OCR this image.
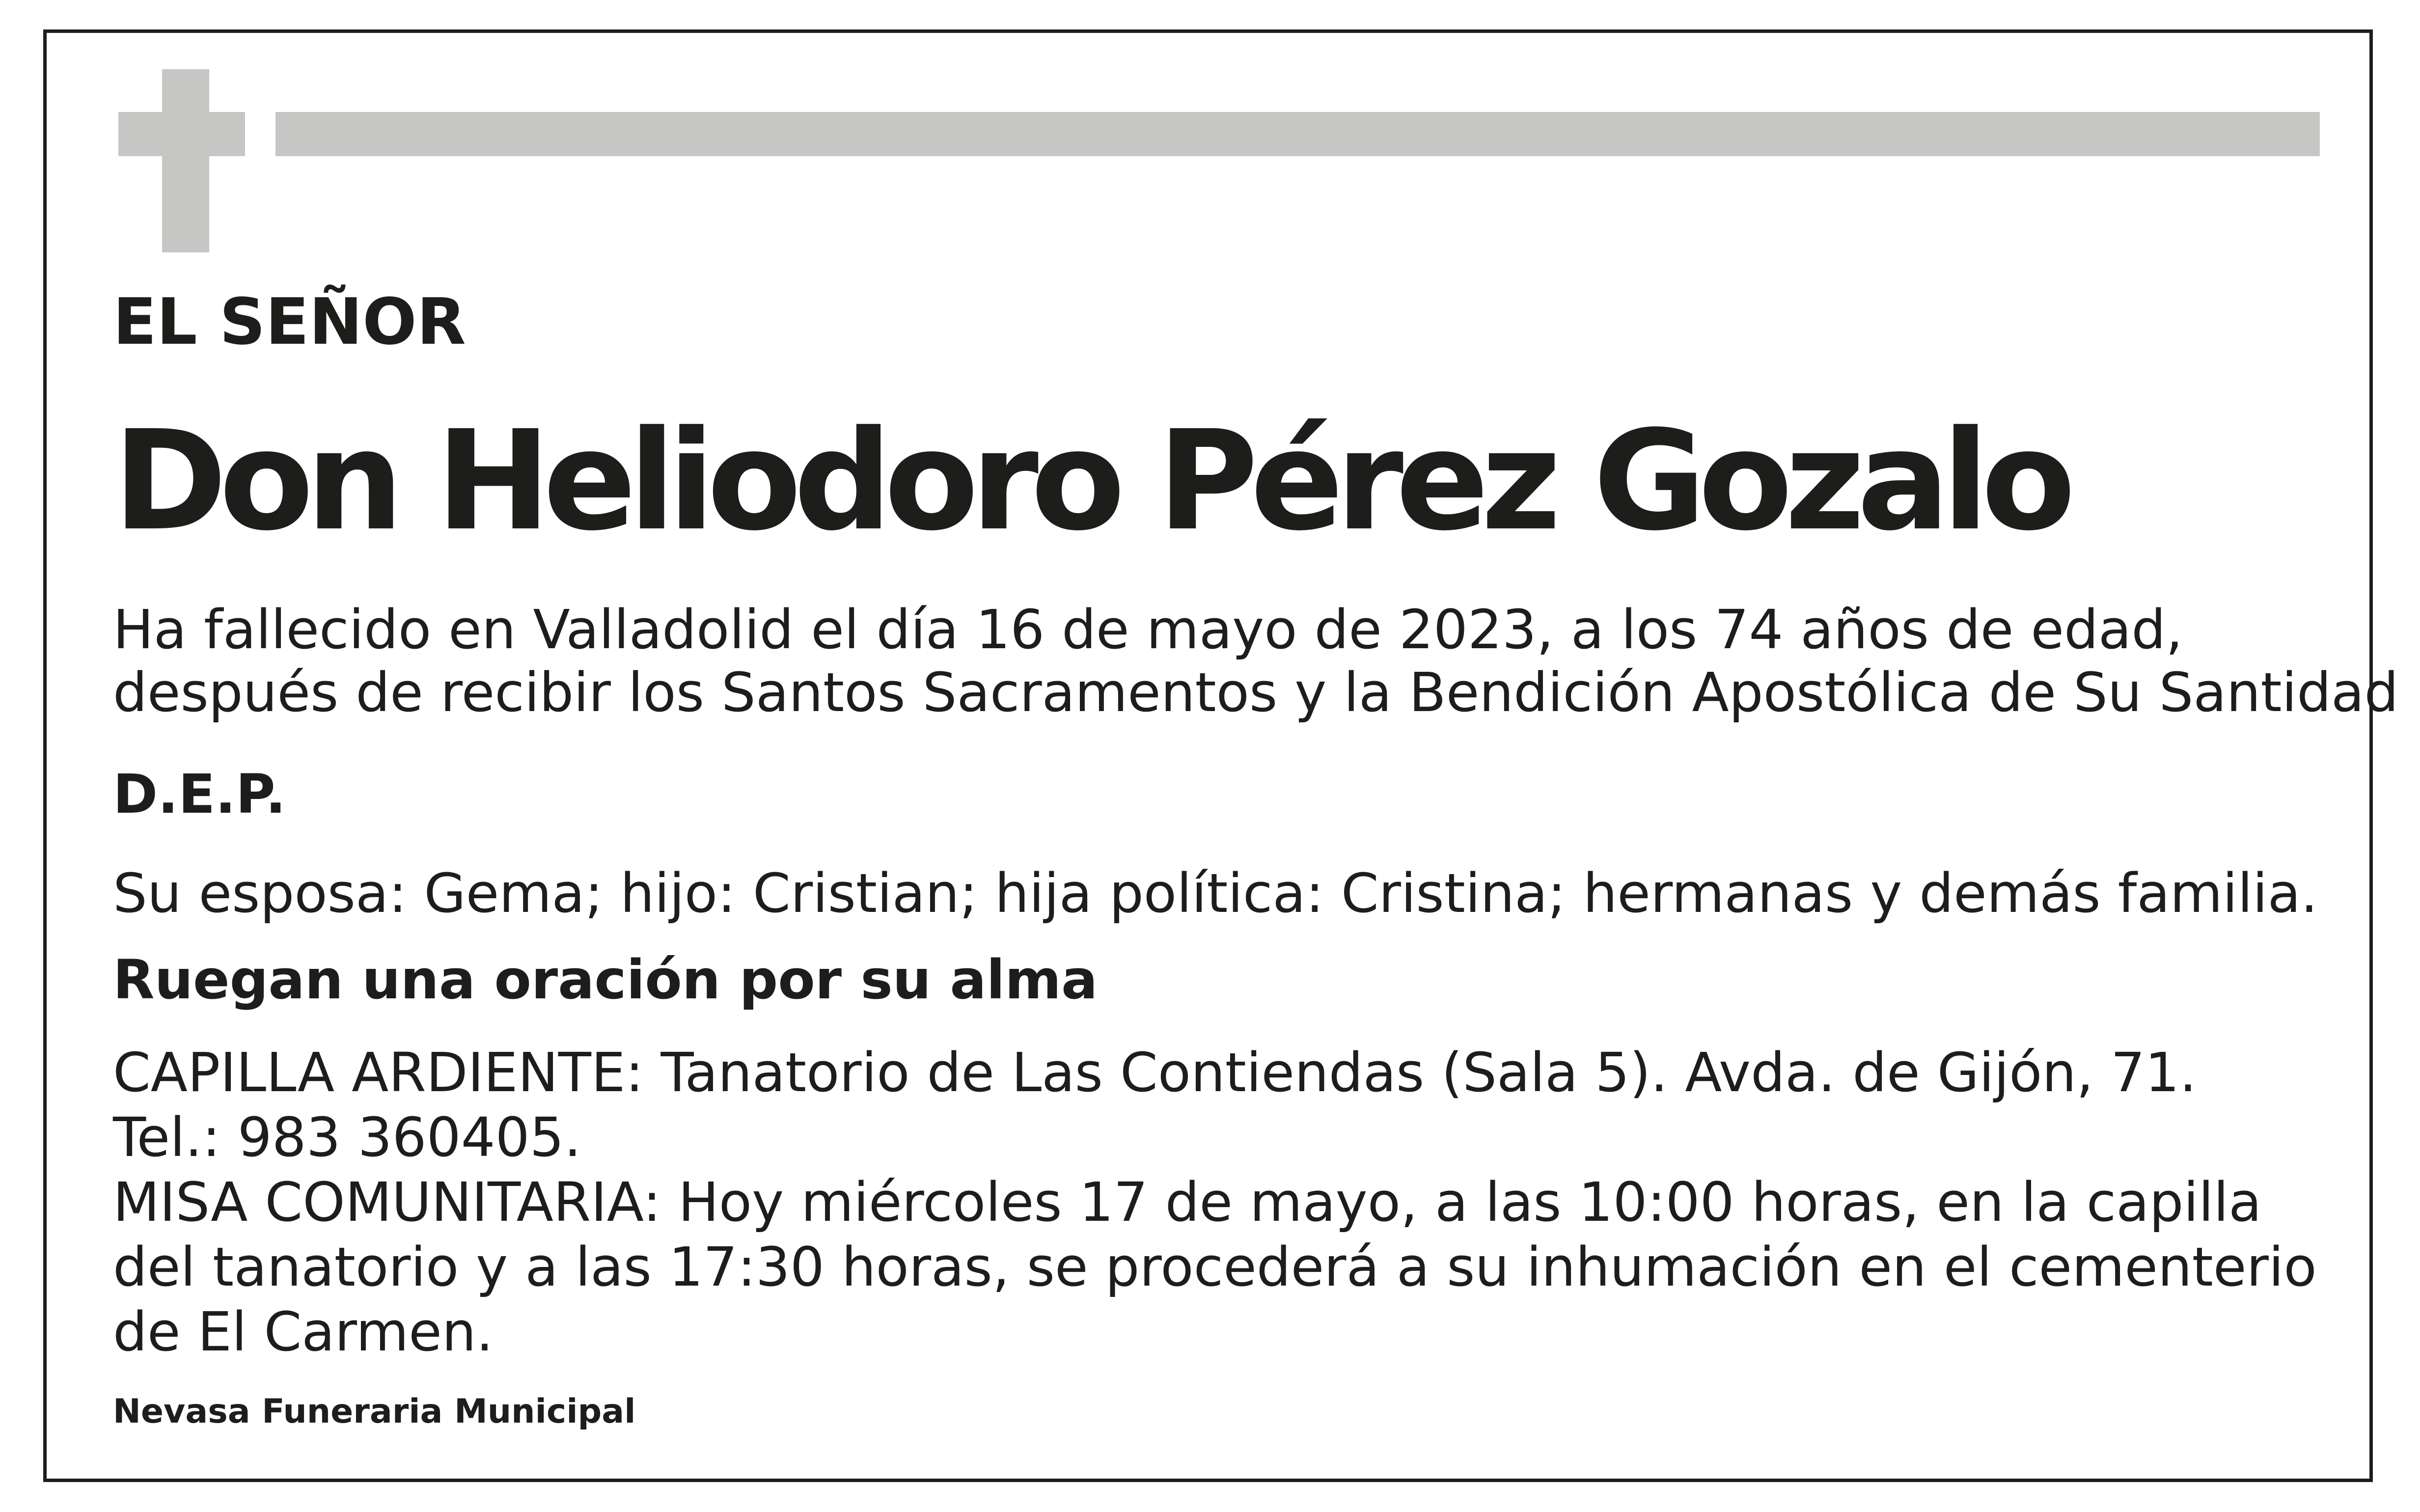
EL SEÑOR

Don Heliodoro Pérez Gozalo

Ha fallecido en Valladolid el día 16 de mayo de 2023, a los 74 años de edad,

después de recibir los Santos Sacramentos y la Bendición Apostólica de Su Santidad

D.E.P.

Su esposa: Gema; hijo: Cristian; hija política: Cristina; hermanas y demás familia.

Ruegan una oración por su alma

CAPILLA ARDIENTE: Tanatorio de Las Contiendas (Sala 5). Avda. de Gijón, 71.

Tel.: 983 360405.

MISA COMUNITARIA: Hoy miércoles 17 de mayo, a las 10:00 horas, en la capilla

del tanatorio y a las 17:30 horas, se procederá a su inhumación en el cementerio

de El Carmen.

Nevasa Funeraria Municipal
